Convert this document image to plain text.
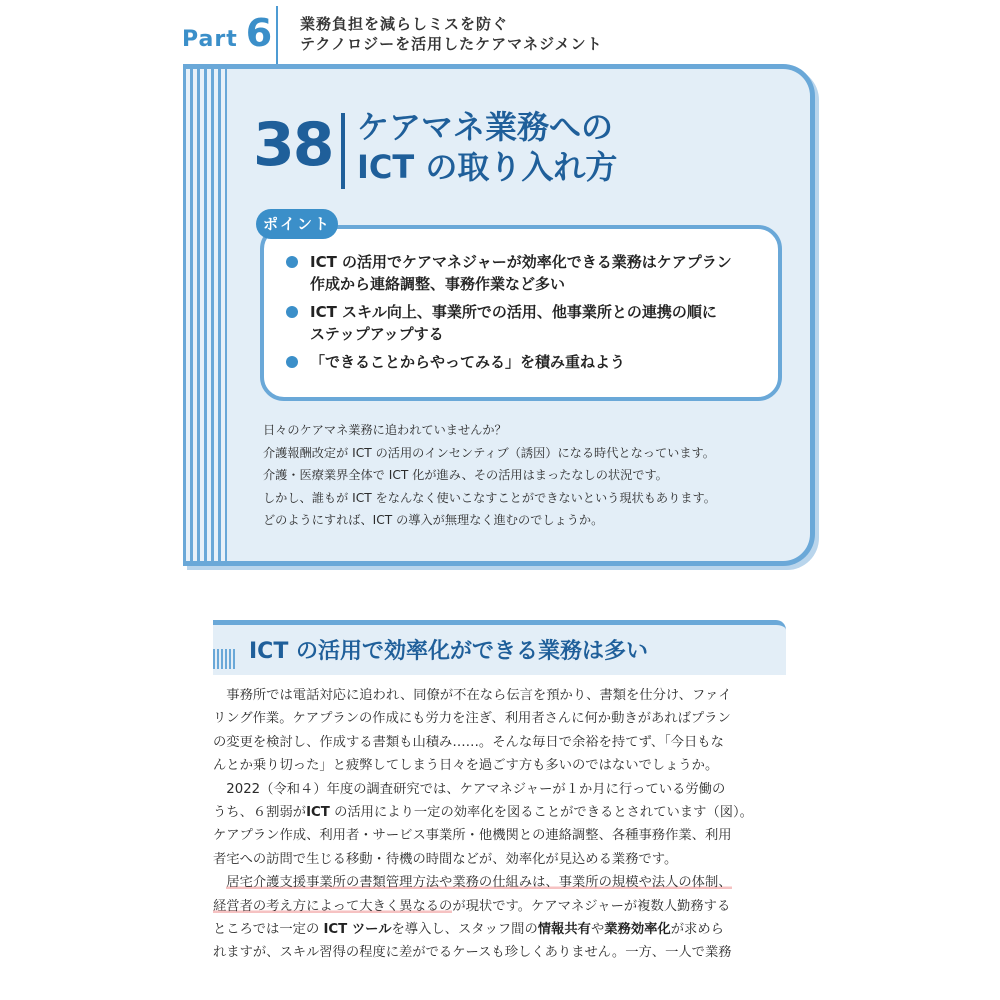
Part 6 業務負担を減らしミスを防ぐ
テクノロジーを活用したケアマネジメント
38 ケアマネ業務への
ICT の取り入れ方
ポイント
ICT の活用でケアマネジャーが効率化できる業務はケアプラン
作成から連絡調整、事務作業など多い
ICT スキル向上、事業所での活用、他事業所との連携の順に
ステップアップする
「できることからやってみる」を積み重ねよう
日々のケアマネ業務に追われていませんか？
介護報酬改定が ICT の活用のインセンティブ（誘因）になる時代となっています。
介護・医療業界全体で ICT 化が進み、その活用はまったなしの状況です。
しかし、誰もが ICT をなんなく使いこなすことができないという現状もあります。
どのようにすれば、ICT の導入が無理なく進むのでしょうか。
ICT の活用で効率化ができる業務は多い
　事務所では電話対応に追われ、同僚が不在なら伝言を預かり、書類を仕分け、ファイ
リング作業。ケアプランの作成にも労力を注ぎ、利用者さんに何か動きがあればプラン
の変更を検討し、作成する書類も山積み……。そんな毎日で余裕を持てず、「今日もな
んとか乗り切った」と疲弊してしまう日々を過ごす方も多いのではないでしょうか。
　2022（令和４）年度の調査研究では、ケアマネジャーが１か月に行っている労働の
うち、６割弱がICT の活用により一定の効率化を図ることができるとされています（図）。
ケアプラン作成、利用者・サービス事業所・他機関との連絡調整、各種事務作業、利用
者宅への訪問で生じる移動・待機の時間などが、効率化が見込める業務です。
　居宅介護支援事業所の書類管理方法や業務の仕組みは、事業所の規模や法人の体制、
経営者の考え方によって大きく異なるのが現状です。ケアマネジャーが複数人勤務する
ところでは一定の ICT ツールを導入し、スタッフ間の情報共有や業務効率化が求めら
れますが、スキル習得の程度に差がでるケースも珍しくありません。一方、一人で業務
